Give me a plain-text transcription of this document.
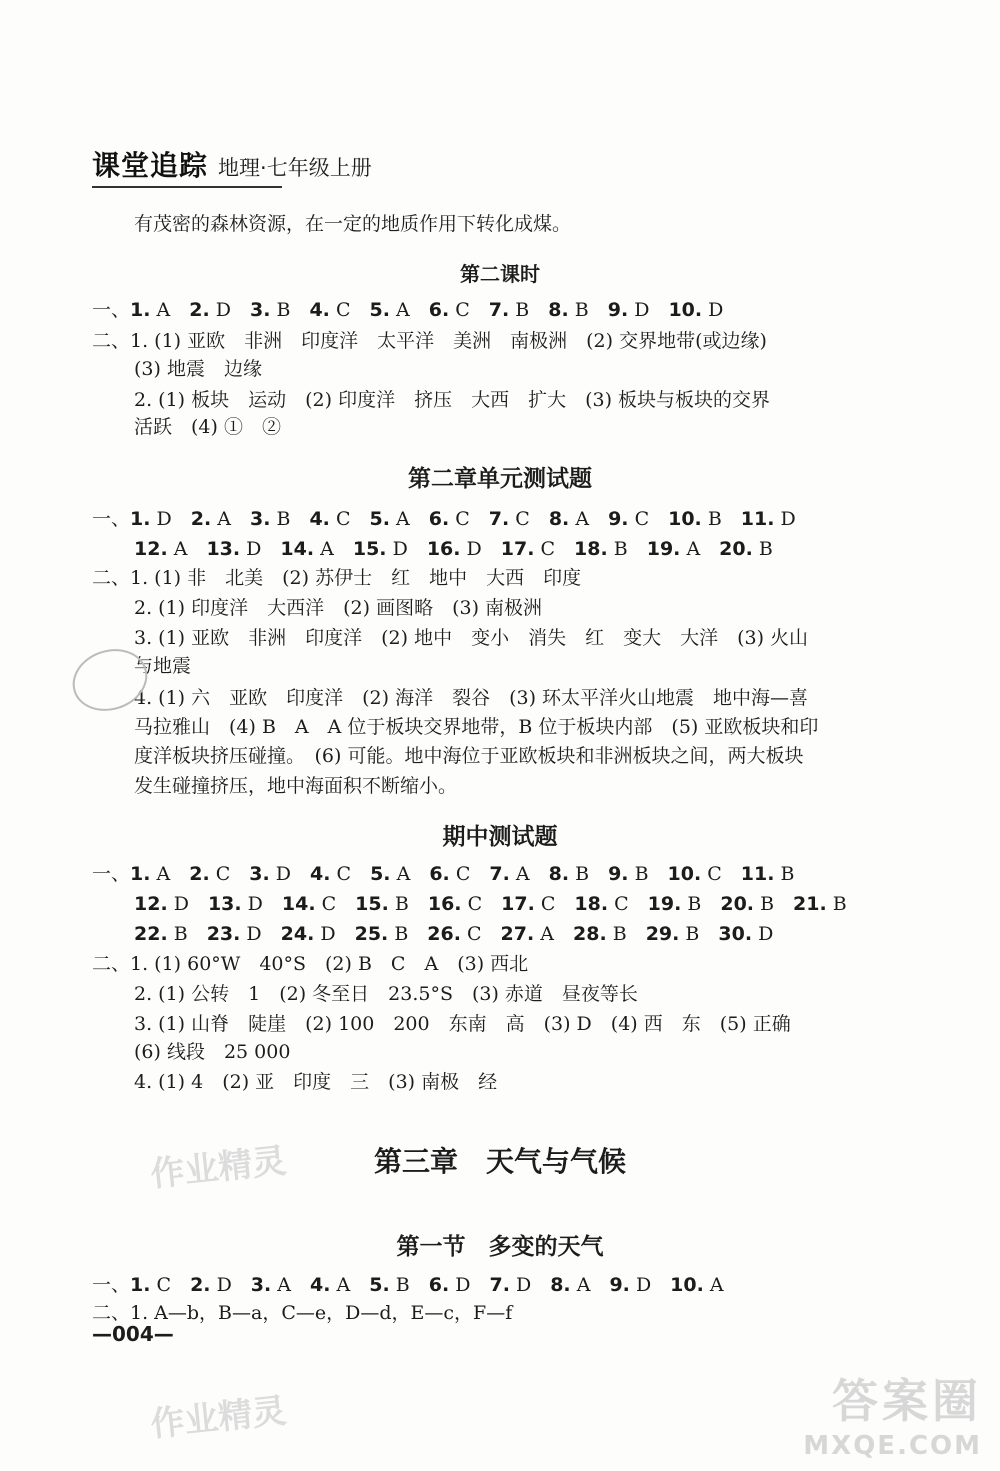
课堂追踪 地理·七年级上册
有茂密的森林资源，在一定的地质作用下转化成煤。
第二课时
一、 1. A 2. D 3. B 4. C 5. A 6. C 7. B 8. B 9. D 10. D
二、1. (1) 亚欧　非洲　印度洋　太平洋　美洲　南极洲　(2) 交界地带(或边缘)
(3) 地震　边缘
2. (1) 板块　运动　(2) 印度洋　挤压　大西　扩大　(3) 板块与板块的交界
活跃　(4) ①　②
第二章单元测试题
一、 1. D 2. A 3. B 4. C 5. A 6. C 7. C 8. A 9. C 10. B 11. D
12. A 13. D 14. A 15. D 16. D 17. C 18. B 19. A 20. B
二、1. (1) 非　北美　(2) 苏伊士　红　地中　大西　印度
2. (1) 印度洋　大西洋　(2) 画图略　(3) 南极洲
3. (1) 亚欧　非洲　印度洋　(2) 地中　变小　消失　红　变大　大洋　(3) 火山
与地震
4. (1) 六　亚欧　印度洋　(2) 海洋　裂谷　(3) 环太平洋火山地震　地中海—喜
马拉雅山　(4) B　A　A 位于板块交界地带，B 位于板块内部　(5) 亚欧板块和印
度洋板块挤压碰撞。　(6) 可能。地中海位于亚欧板块和非洲板块之间，两大板块
发生碰撞挤压，地中海面积不断缩小。
期中测试题
一、 1. A 2. C 3. D 4. C 5. A 6. C 7. A 8. B 9. B 10. C 11. B
12. D 13. D 14. C 15. B 16. C 17. C 18. C 19. B 20. B 21. B
22. B 23. D 24. D 25. B 26. C 27. A 28. B 29. B 30. D
二、1. (1) 60°W　40°S　(2) B　C　A　(3) 西北
2. (1) 公转　1　(2) 冬至日　23.5°S　(3) 赤道　昼夜等长
3. (1) 山脊　陡崖　(2) 100　200　东南　高　(3) D　(4) 西　东　(5) 正确
(6) 线段　25 000
4. (1) 4　(2) 亚　印度　三　(3) 南极　经
作业精灵	第三章　天气与气候
第一节　多变的天气
一、 1. C 2. D 3. A 4. A 5. B 6. D 7. D 8. A 9. D 10. A
二、1. A—b，B—a，C—e，D—d，E—c，F—f
—004—
作业精灵	答案圈
MXQE.COM
